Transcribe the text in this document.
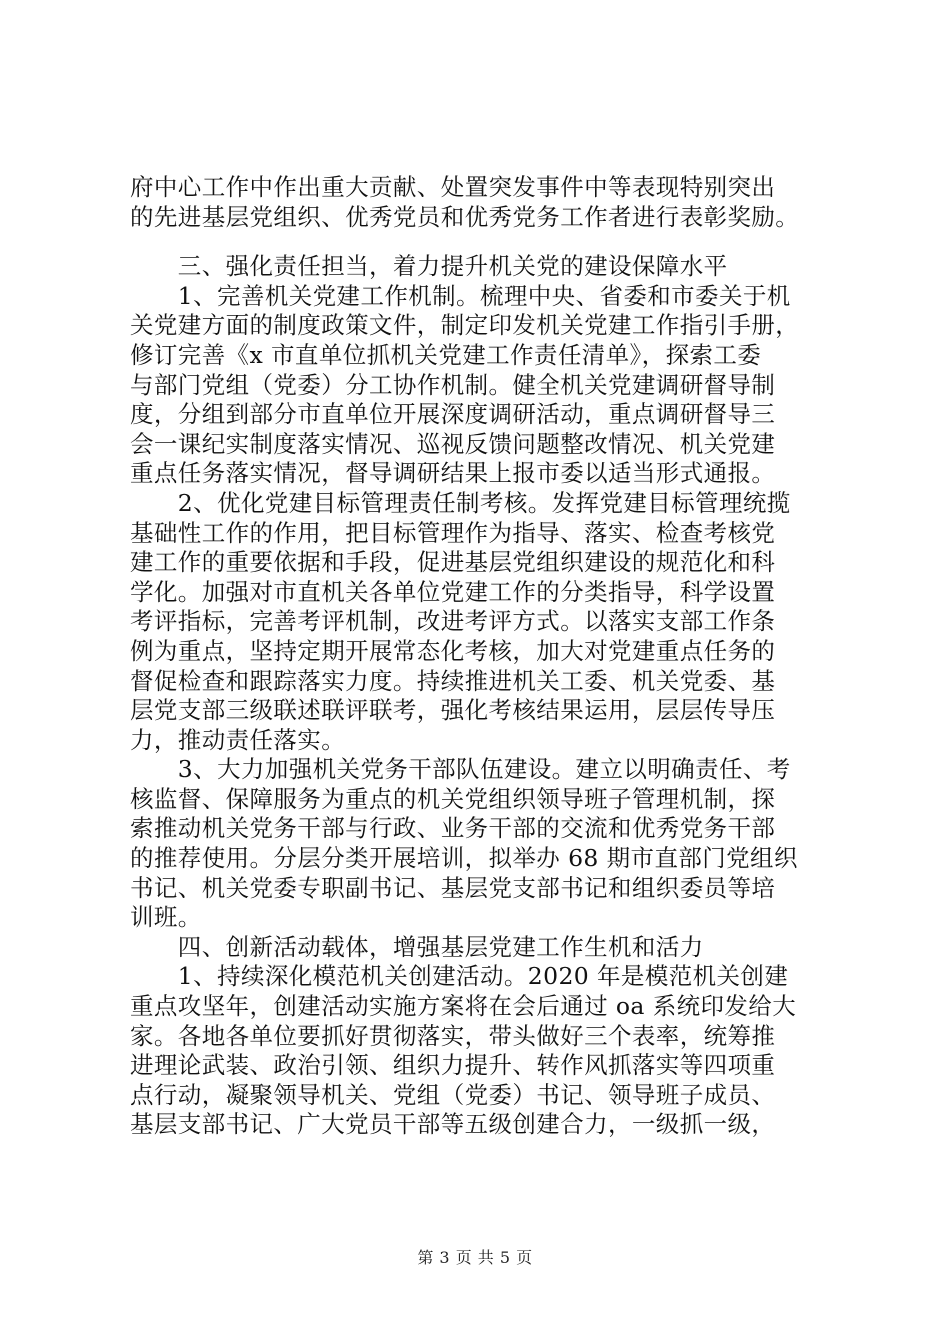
府中心工作中作出重大贡献、处置突发事件中等表现特别突出
的先进基层党组织、优秀党员和优秀党务工作者进行表彰奖励。
　　三、强化责任担当，着力提升机关党的建设保障水平
　　1、完善机关党建工作机制。梳理中央、省委和市委关于机
关党建方面的制度政策文件，制定印发机关党建工作指引手册，
修订完善《x 市直单位抓机关党建工作责任清单》，探索工委
与部门党组（党委）分工协作机制。健全机关党建调研督导制
度，分组到部分市直单位开展深度调研活动，重点调研督导三
会一课纪实制度落实情况、巡视反馈问题整改情况、机关党建
重点任务落实情况，督导调研结果上报市委以适当形式通报。
　　2、优化党建目标管理责任制考核。发挥党建目标管理统揽
基础性工作的作用，把目标管理作为指导、落实、检查考核党
建工作的重要依据和手段，促进基层党组织建设的规范化和科
学化。加强对市直机关各单位党建工作的分类指导，科学设置
考评指标，完善考评机制，改进考评方式。以落实支部工作条
例为重点，坚持定期开展常态化考核，加大对党建重点任务的
督促检查和跟踪落实力度。持续推进机关工委、机关党委、基
层党支部三级联述联评联考，强化考核结果运用，层层传导压
力，推动责任落实。
　　3、大力加强机关党务干部队伍建设。建立以明确责任、考
核监督、保障服务为重点的机关党组织领导班子管理机制，探
索推动机关党务干部与行政、业务干部的交流和优秀党务干部
的推荐使用。分层分类开展培训，拟举办 68 期市直部门党组织
书记、机关党委专职副书记、基层党支部书记和组织委员等培
训班。
　　四、创新活动载体，增强基层党建工作生机和活力
　　1、持续深化模范机关创建活动。2020 年是模范机关创建
重点攻坚年，创建活动实施方案将在会后通过 oa 系统印发给大
家。各地各单位要抓好贯彻落实，带头做好三个表率，统筹推
进理论武装、政治引领、组织力提升、转作风抓落实等四项重
点行动，凝聚领导机关、党组（党委）书记、领导班子成员、
基层支部书记、广大党员干部等五级创建合力，一级抓一级，
第 3 页 共 5 页
